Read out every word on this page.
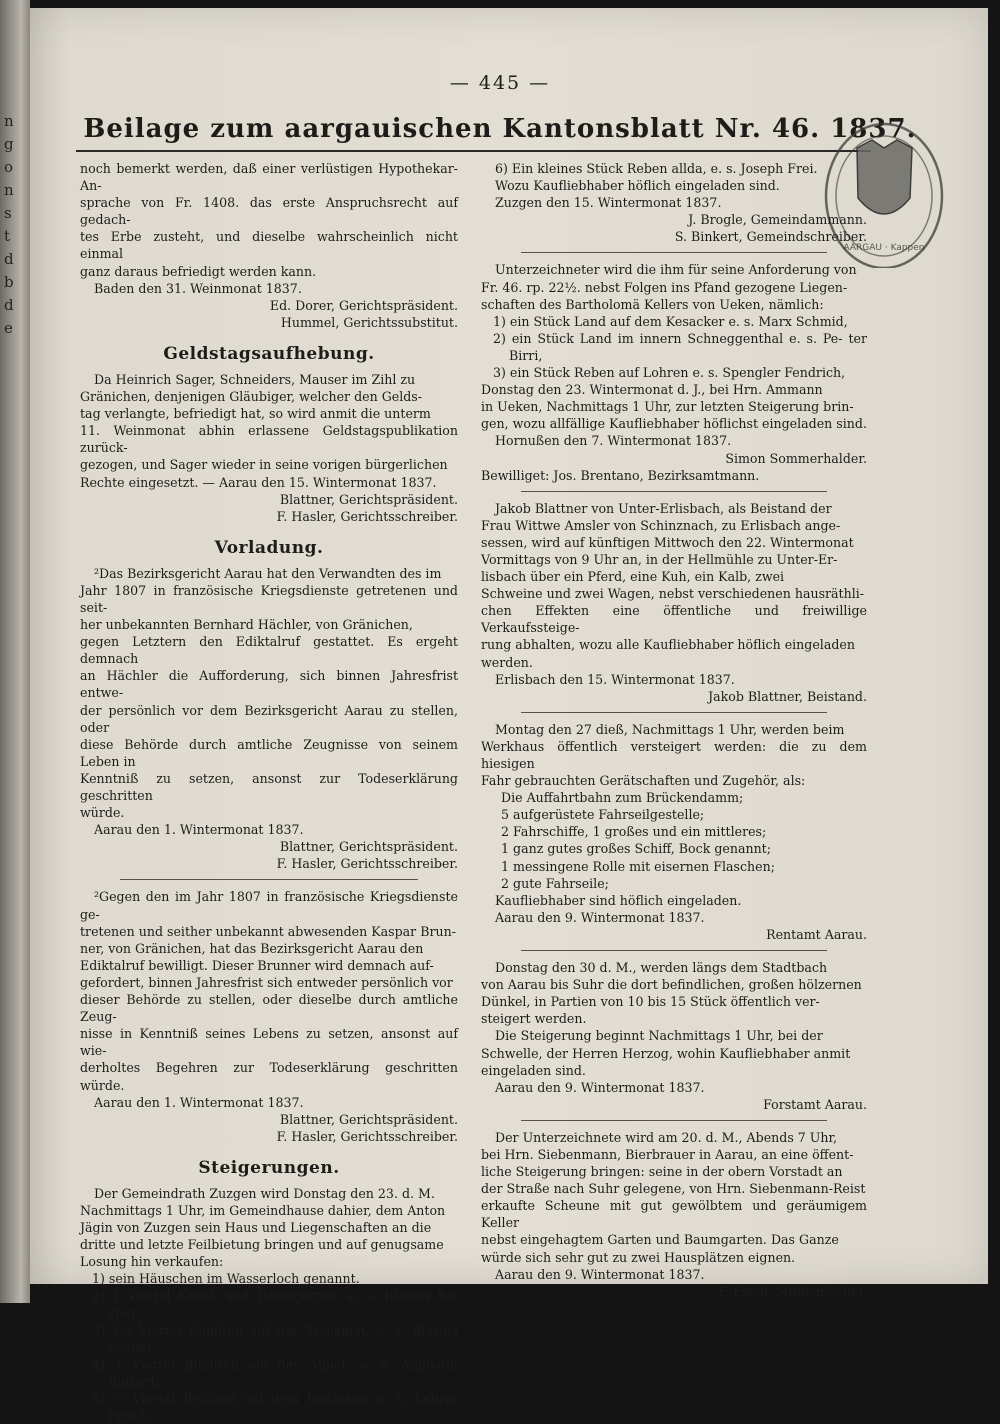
n g o n s t d b d e
— 445 —
Beilage zum aargauischen Kantonsblatt Nr. 46. 1837.
AARGAU · Kappen

noch bemerkt werden, daß einer verlüstigen Hypothekar-An-

sprache von Fr. 1408. das erste Anspruchsrecht auf gedach-

tes Erbe zusteht, und dieselbe wahrscheinlich nicht einmal

ganz daraus befriedigt werden kann.

Baden den 31. Weinmonat 1837.

Ed. Dorer, Gerichtspräsident.

Hummel, Gerichtssubstitut.

Geldstagsaufhebung.

Da Heinrich Sager, Schneiders, Mauser im Zihl zu

Gränichen, denjenigen Gläubiger, welcher den Gelds-

tag verlangte, befriedigt hat, so wird anmit die unterm

11. Weinmonat abhin erlassene Geldstagspublikation zurück-

gezogen, und Sager wieder in seine vorigen bürgerlichen

Rechte eingesetzt. — Aarau den 15. Wintermonat 1837.

Blattner, Gerichtspräsident.

F. Hasler, Gerichtsschreiber.

Vorladung.

²Das Bezirksgericht Aarau hat den Verwandten des im

Jahr 1807 in französische Kriegsdienste getretenen und seit-

her unbekannten Bernhard Hächler, von Gränichen,

gegen Letztern den Ediktalruf gestattet. Es ergeht demnach

an Hächler die Aufforderung, sich binnen Jahresfrist entwe-

der persönlich vor dem Bezirksgericht Aarau zu stellen, oder

diese Behörde durch amtliche Zeugnisse von seinem Leben in

Kenntniß zu setzen, ansonst zur Todeserklärung geschritten

würde.

Aarau den 1. Wintermonat 1837.

Blattner, Gerichtspräsident.

F. Hasler, Gerichtsschreiber.

²Gegen den im Jahr 1807 in französische Kriegsdienste ge-

tretenen und seither unbekannt abwesenden Kaspar Brun-

ner, von Gränichen, hat das Bezirksgericht Aarau den

Ediktalruf bewilligt. Dieser Brunner wird demnach auf-

gefordert, binnen Jahresfrist sich entweder persönlich vor

dieser Behörde zu stellen, oder dieselbe durch amtliche Zeug-

nisse in Kenntniß seines Lebens zu setzen, ansonst auf wie-

derholtes Begehren zur Todeserklärung geschritten würde.

Aarau den 1. Wintermonat 1837.

Blattner, Gerichtspräsident.

F. Hasler, Gerichtsschreiber.

Steigerungen.

Der Gemeindrath Zuzgen wird Donstag den 23. d. M.

Nachmittags 1 Uhr, im Gemeindhause dahier, dem Anton

Jägin von Zuzgen sein Haus und Liegenschaften an die

dritte und letzte Feilbietung bringen und auf genugsame

Losung hin verkaufen:

1) sein Häuschen im Wasserloch genannt.

2) 1 Viertel Kraut- und Baumgarten, e. s. Blasius Sa- cher.

3) 1½ Viertel Bündten auf der Stockmat, e. s. Blasius Sacher.

4) 1 Viertel Bündten auf der Almet, e. s. Augustin Binkert.

5) ½ Viertel Rebland auf dem Igelacker, e. s. Lehrer Frisch.

6) Ein kleines Stück Reben allda, e. s. Joseph Frei.

Wozu Kaufliebhaber höflich eingeladen sind.

Zuzgen den 15. Wintermonat 1837.

J. Brogle, Gemeindammann.

S. Binkert, Gemeindschreiber.

Unterzeichneter wird die ihm für seine Anforderung von

Fr. 46. rp. 22½. nebst Folgen ins Pfand gezogene Liegen-

schaften des Bartholomä Kellers von Ueken, nämlich:

1) ein Stück Land auf dem Kesacker e. s. Marx Schmid,

2) ein Stück Land im innern Schneggenthal e. s. Pe- ter Birri,

3) ein Stück Reben auf Lohren e. s. Spengler Fendrich,

Donstag den 23. Wintermonat d. J., bei Hrn. Ammann

in Ueken, Nachmittags 1 Uhr, zur letzten Steigerung brin-

gen, wozu allfällige Kaufliebhaber höflichst eingeladen sind.

Hornußen den 7. Wintermonat 1837.

Simon Sommerhalder.

Bewilliget: Jos. Brentano, Bezirksamtmann.

Jakob Blattner von Unter-Erlisbach, als Beistand der

Frau Wittwe Amsler von Schinznach, zu Erlisbach ange-

sessen, wird auf künftigen Mittwoch den 22. Wintermonat

Vormittags von 9 Uhr an, in der Hellmühle zu Unter-Er-

lisbach über ein Pferd, eine Kuh, ein Kalb, zwei

Schweine und zwei Wagen, nebst verschiedenen hausräthli-

chen Effekten eine öffentliche und freiwillige Verkaufssteige-

rung abhalten, wozu alle Kaufliebhaber höflich eingeladen

werden.

Erlisbach den 15. Wintermonat 1837.

Jakob Blattner, Beistand.

Montag den 27 dieß, Nachmittags 1 Uhr, werden beim

Werkhaus öffentlich versteigert werden: die zu dem hiesigen

Fahr gebrauchten Gerätschaften und Zugehör, als:

Die Auffahrtbahn zum Brückendamm;

5 aufgerüstete Fahrseilgestelle;

2 Fahrschiffe, 1 großes und ein mittleres;

1 ganz gutes großes Schiff, Bock genannt;

1 messingene Rolle mit eisernen Flaschen;

2 gute Fahrseile;

Kaufliebhaber sind höflich eingeladen.

Aarau den 9. Wintermonat 1837.

Rentamt Aarau.

Donstag den 30 d. M., werden längs dem Stadtbach

von Aarau bis Suhr die dort befindlichen, großen hölzernen

Dünkel, in Partien von 10 bis 15 Stück öffentlich ver-

steigert werden.

Die Steigerung beginnt Nachmittags 1 Uhr, bei der

Schwelle, der Herren Herzog, wohin Kaufliebhaber anmit

eingeladen sind.

Aarau den 9. Wintermonat 1837.

Forstamt Aarau.

Der Unterzeichnete wird am 20. d. M., Abends 7 Uhr,

bei Hrn. Siebenmann, Bierbrauer in Aarau, an eine öffent-

liche Steigerung bringen: seine in der obern Vorstadt an

der Straße nach Suhr gelegene, von Hrn. Siebenmann-Reist

erkaufte Scheune mit gut gewölbtem und geräumigem Keller

nebst eingehagtem Garten und Baumgarten. Das Ganze

würde sich sehr gut zu zwei Hausplätzen eignen.

Aarau den 9. Wintermonat 1837.

F. Fisch, Mühlemacher.
